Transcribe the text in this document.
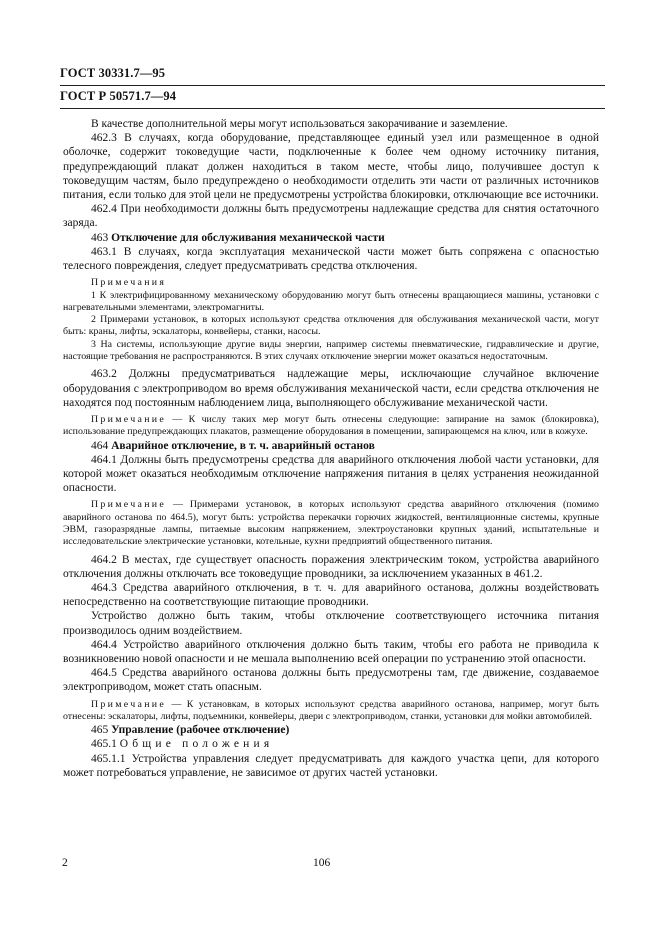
ГОСТ 30331.7—95
ГОСТ Р 50571.7—94

В качестве дополнительной меры могут использоваться закорачивание и заземление.

462.3 В случаях, когда оборудование, представляющее единый узел или размещенное в одной оболочке, содержит токоведущие части, подключенные к более чем одному источнику питания, предупреждающий плакат должен находиться в таком месте, чтобы лицо, получившее доступ к токоведущим частям, было предупреждено о необходимости отделить эти части от различных источников питания, если только для этой цели не предусмотрены устройства блокировки, отключающие все источники.

462.4 При необходимости должны быть предусмотрены надлежащие средства для снятия остаточного заряда.

463 Отключение для обслуживания механической части

463.1 В случаях, когда эксплуатация механической части может быть сопряжена с опасностью телесного повреждения, следует предусматривать средства отключения.

Примечания

1 К электрифицированному механическому оборудованию могут быть отнесены вращающиеся машины, установки с нагревательными элементами, электромагниты.

2 Примерами установок, в которых используют средства отключения для обслуживания механической части, могут быть: краны, лифты, эскалаторы, конвейеры, станки, насосы.

3 На системы, использующие другие виды энергии, например системы пневматические, гидравлические и другие, настоящие требования не распространяются. В этих случаях отключение энергии может оказаться недостаточным.

463.2 Должны предусматриваться надлежащие меры, исключающие случайное включение оборудования с электроприводом во время обслуживания механической части, если средства отключения не находятся под постоянным наблюдением лица, выполняющего обслуживание механической части.

Примечание — К числу таких мер могут быть отнесены следующие: запирание на замок (блокировка), использование предупреждающих плакатов, размещение оборудования в помещении, запирающемся на ключ, или в кожухе.

464 Аварийное отключение, в т. ч. аварийный останов

464.1 Должны быть предусмотрены средства для аварийного отключения любой части установки, для которой может оказаться необходимым отключение напряжения питания в целях устранения неожиданной опасности.

Примечание — Примерами установок, в которых используют средства аварийного отключения (помимо аварийного останова по 464.5), могут быть: устройства перекачки горючих жидкостей, вентиляционные системы, крупные ЭВМ, газоразрядные лампы, питаемые высоким напряжением, электроустановки крупных зданий, испытательные и исследовательские электрические установки, котельные, кухни предприятий общественного питания.

464.2 В местах, где существует опасность поражения электрическим током, устройства аварийного отключения должны отключать все токоведущие проводники, за исключением указанных в 461.2.

464.3 Средства аварийного отключения, в т. ч. для аварийного останова, должны воздействовать непосредственно на соответствующие питающие проводники.

Устройство должно быть таким, чтобы отключение соответствующего источника питания производилось одним воздействием.

464.4 Устройство аварийного отключения должно быть таким, чтобы его работа не приводила к возникновению новой опасности и не мешала выполнению всей операции по устранению этой опасности.

464.5 Средства аварийного останова должны быть предусмотрены там, где движение, создаваемое электроприводом, может стать опасным.

Примечание — К установкам, в которых используют средства аварийного останова, например, могут быть отнесены: эскалаторы, лифты, подъемники, конвейеры, двери с электроприводом, станки, установки для мойки автомобилей.

465 Управление (рабочее отключение)

465.1 Общие положения

465.1.1 Устройства управления следует предусматривать для каждого участка цепи, для которого может потребоваться управление, не зависимое от других частей установки.

2	106
